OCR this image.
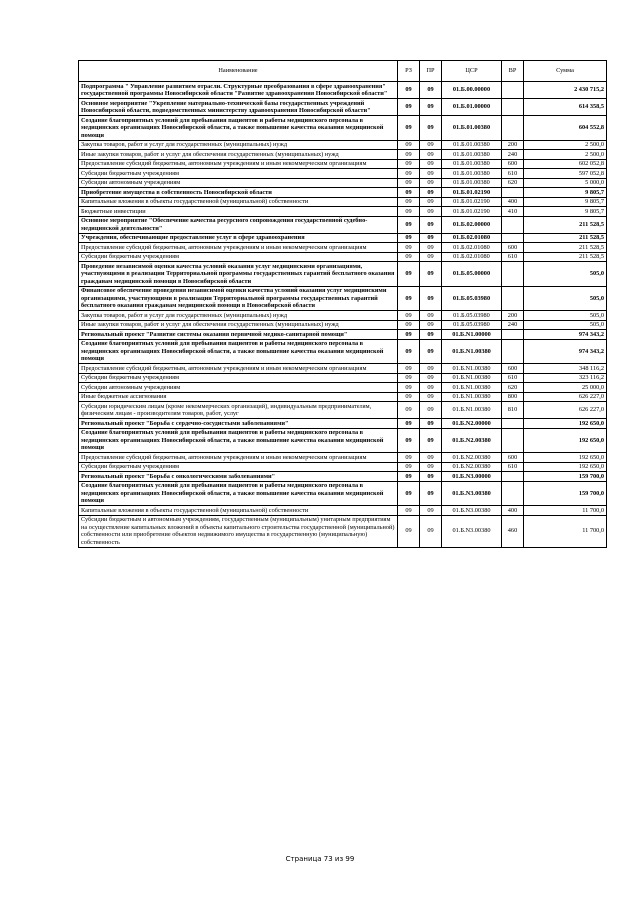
Наименование	РЗ	ПР	ЦСР	ВР	Сумма
Подпрограмма " Управление развитием отрасли. Структурные преобразования в сфере здравоохранения" государственной программы Новосибирской области "Развитие здравоохранения Новосибирской области"	09	09	01.Б.00.00000		2 430 715,2
Основное мероприятие "Укрепление материально-технической базы государственных учреждений Новосибирской области, подведомственных министерству здравоохранения Новосибирской области"	09	09	01.Б.01.00000		614 358,5
Создание благоприятных условий для пребывания пациентов и работы медицинского персонала в медицинских организациях Новосибирской области, а также повышение качества оказания медицинской помощи	09	09	01.Б.01.00380		604 552,8
Закупка товаров, работ и услуг для государственных (муниципальных) нужд	09	09	01.Б.01.00380	200	2 500,0
Иные закупки товаров, работ и услуг для обеспечения государственных (муниципальных) нужд	09	09	01.Б.01.00380	240	2 500,0
Предоставление субсидий бюджетным, автономным учреждениям и иным некоммерческим организациям	09	09	01.Б.01.00380	600	602 052,8
Субсидии бюджетным учреждениям	09	09	01.Б.01.00380	610	597 052,8
Субсидии автономным учреждениям	09	09	01.Б.01.00380	620	5 000,0
Приобретение имущества в собственность Новосибирской области	09	09	01.Б.01.02190		9 805,7
Капитальные вложения в объекты государственной (муниципальной) собственности	09	09	01.Б.01.02190	400	9 805,7
Бюджетные инвестиции	09	09	01.Б.01.02190	410	9 805,7
Основное мероприятие "Обеспечение качества ресурсного сопровождения государственной судебно-медицинской деятельности"	09	09	01.Б.02.00000		211 528,5
Учреждения, обеспечивающие предоставление услуг в сфере здравоохранения	09	09	01.Б.02.01080		211 528,5
Предоставление субсидий бюджетным, автономным учреждениям и иным некоммерческим организациям	09	09	01.Б.02.01080	600	211 528,5
Субсидии бюджетным учреждениям	09	09	01.Б.02.01080	610	211 528,5
Проведение независимой оценки качества условий оказания услуг медицинскими организациями, участвующими в реализации Территориальной программы государственных гарантий бесплатного оказания гражданам медицинской помощи в Новосибирской области	09	09	01.Б.05.00000		505,0
Финансовое обеспечение проведения независимой оценки качества условий оказания услуг медицинскими организациями, участвующими в реализации Территориальной программы государственных гарантий бесплатного оказания гражданам медицинской помощи в Новосибирской области	09	09	01.Б.05.03980		505,0
Закупка товаров, работ и услуг для государственных (муниципальных) нужд	09	09	01.Б.05.03980	200	505,0
Иные закупки товаров, работ и услуг для обеспечения государственных (муниципальных) нужд	09	09	01.Б.05.03980	240	505,0
Региональный проект "Развитие системы оказания первичной медико-санитарной помощи"	09	09	01.Б.N1.00000		974 343,2
Создание благоприятных условий для пребывания пациентов и работы медицинского персонала в медицинских организациях Новосибирской области, а также повышение качества оказания медицинской помощи	09	09	01.Б.N1.00380		974 343,2
Предоставление субсидий бюджетным, автономным учреждениям и иным некоммерческим организациям	09	09	01.Б.N1.00380	600	348 116,2
Субсидии бюджетным учреждениям	09	09	01.Б.N1.00380	610	323 116,2
Субсидии автономным учреждениям	09	09	01.Б.N1.00380	620	25 000,0
Иные бюджетные ассигнования	09	09	01.Б.N1.00380	800	626 227,0
Субсидии юридическим лицам (кроме некоммерческих организаций), индивидуальным предпринимателям, физическим лицам - производителям товаров, работ, услуг	09	09	01.Б.N1.00380	810	626 227,0
Региональный проект "Борьба с сердечно-сосудистыми заболеваниями"	09	09	01.Б.N2.00000		192 650,0
Создание благоприятных условий для пребывания пациентов и работы медицинского персонала в медицинских организациях Новосибирской области, а также повышение качества оказания медицинской помощи	09	09	01.Б.N2.00380		192 650,0
Предоставление субсидий бюджетным, автономным учреждениям и иным некоммерческим организациям	09	09	01.Б.N2.00380	600	192 650,0
Субсидии бюджетным учреждениям	09	09	01.Б.N2.00380	610	192 650,0
Региональный проект "Борьба с онкологическими заболеваниями"	09	09	01.Б.N3.00000		159 700,0
Создание благоприятных условий для пребывания пациентов и работы медицинского персонала в медицинских организациях Новосибирской области, а также повышение качества оказания медицинской помощи	09	09	01.Б.N3.00380		159 700,0
Капитальные вложения в объекты государственной (муниципальной) собственности	09	09	01.Б.N3.00380	400	11 700,0
Субсидии бюджетным и автономным учреждениям, государственным (муниципальным) унитарным предприятиям на осуществление капитальных вложений в объекты капитального строительства государственной (муниципальной) собственности или приобретение объектов недвижимого имущества в государственную (муниципальную) собственность	09	09	01.Б.N3.00380	460	11 700,0
Страница 73 из 99
